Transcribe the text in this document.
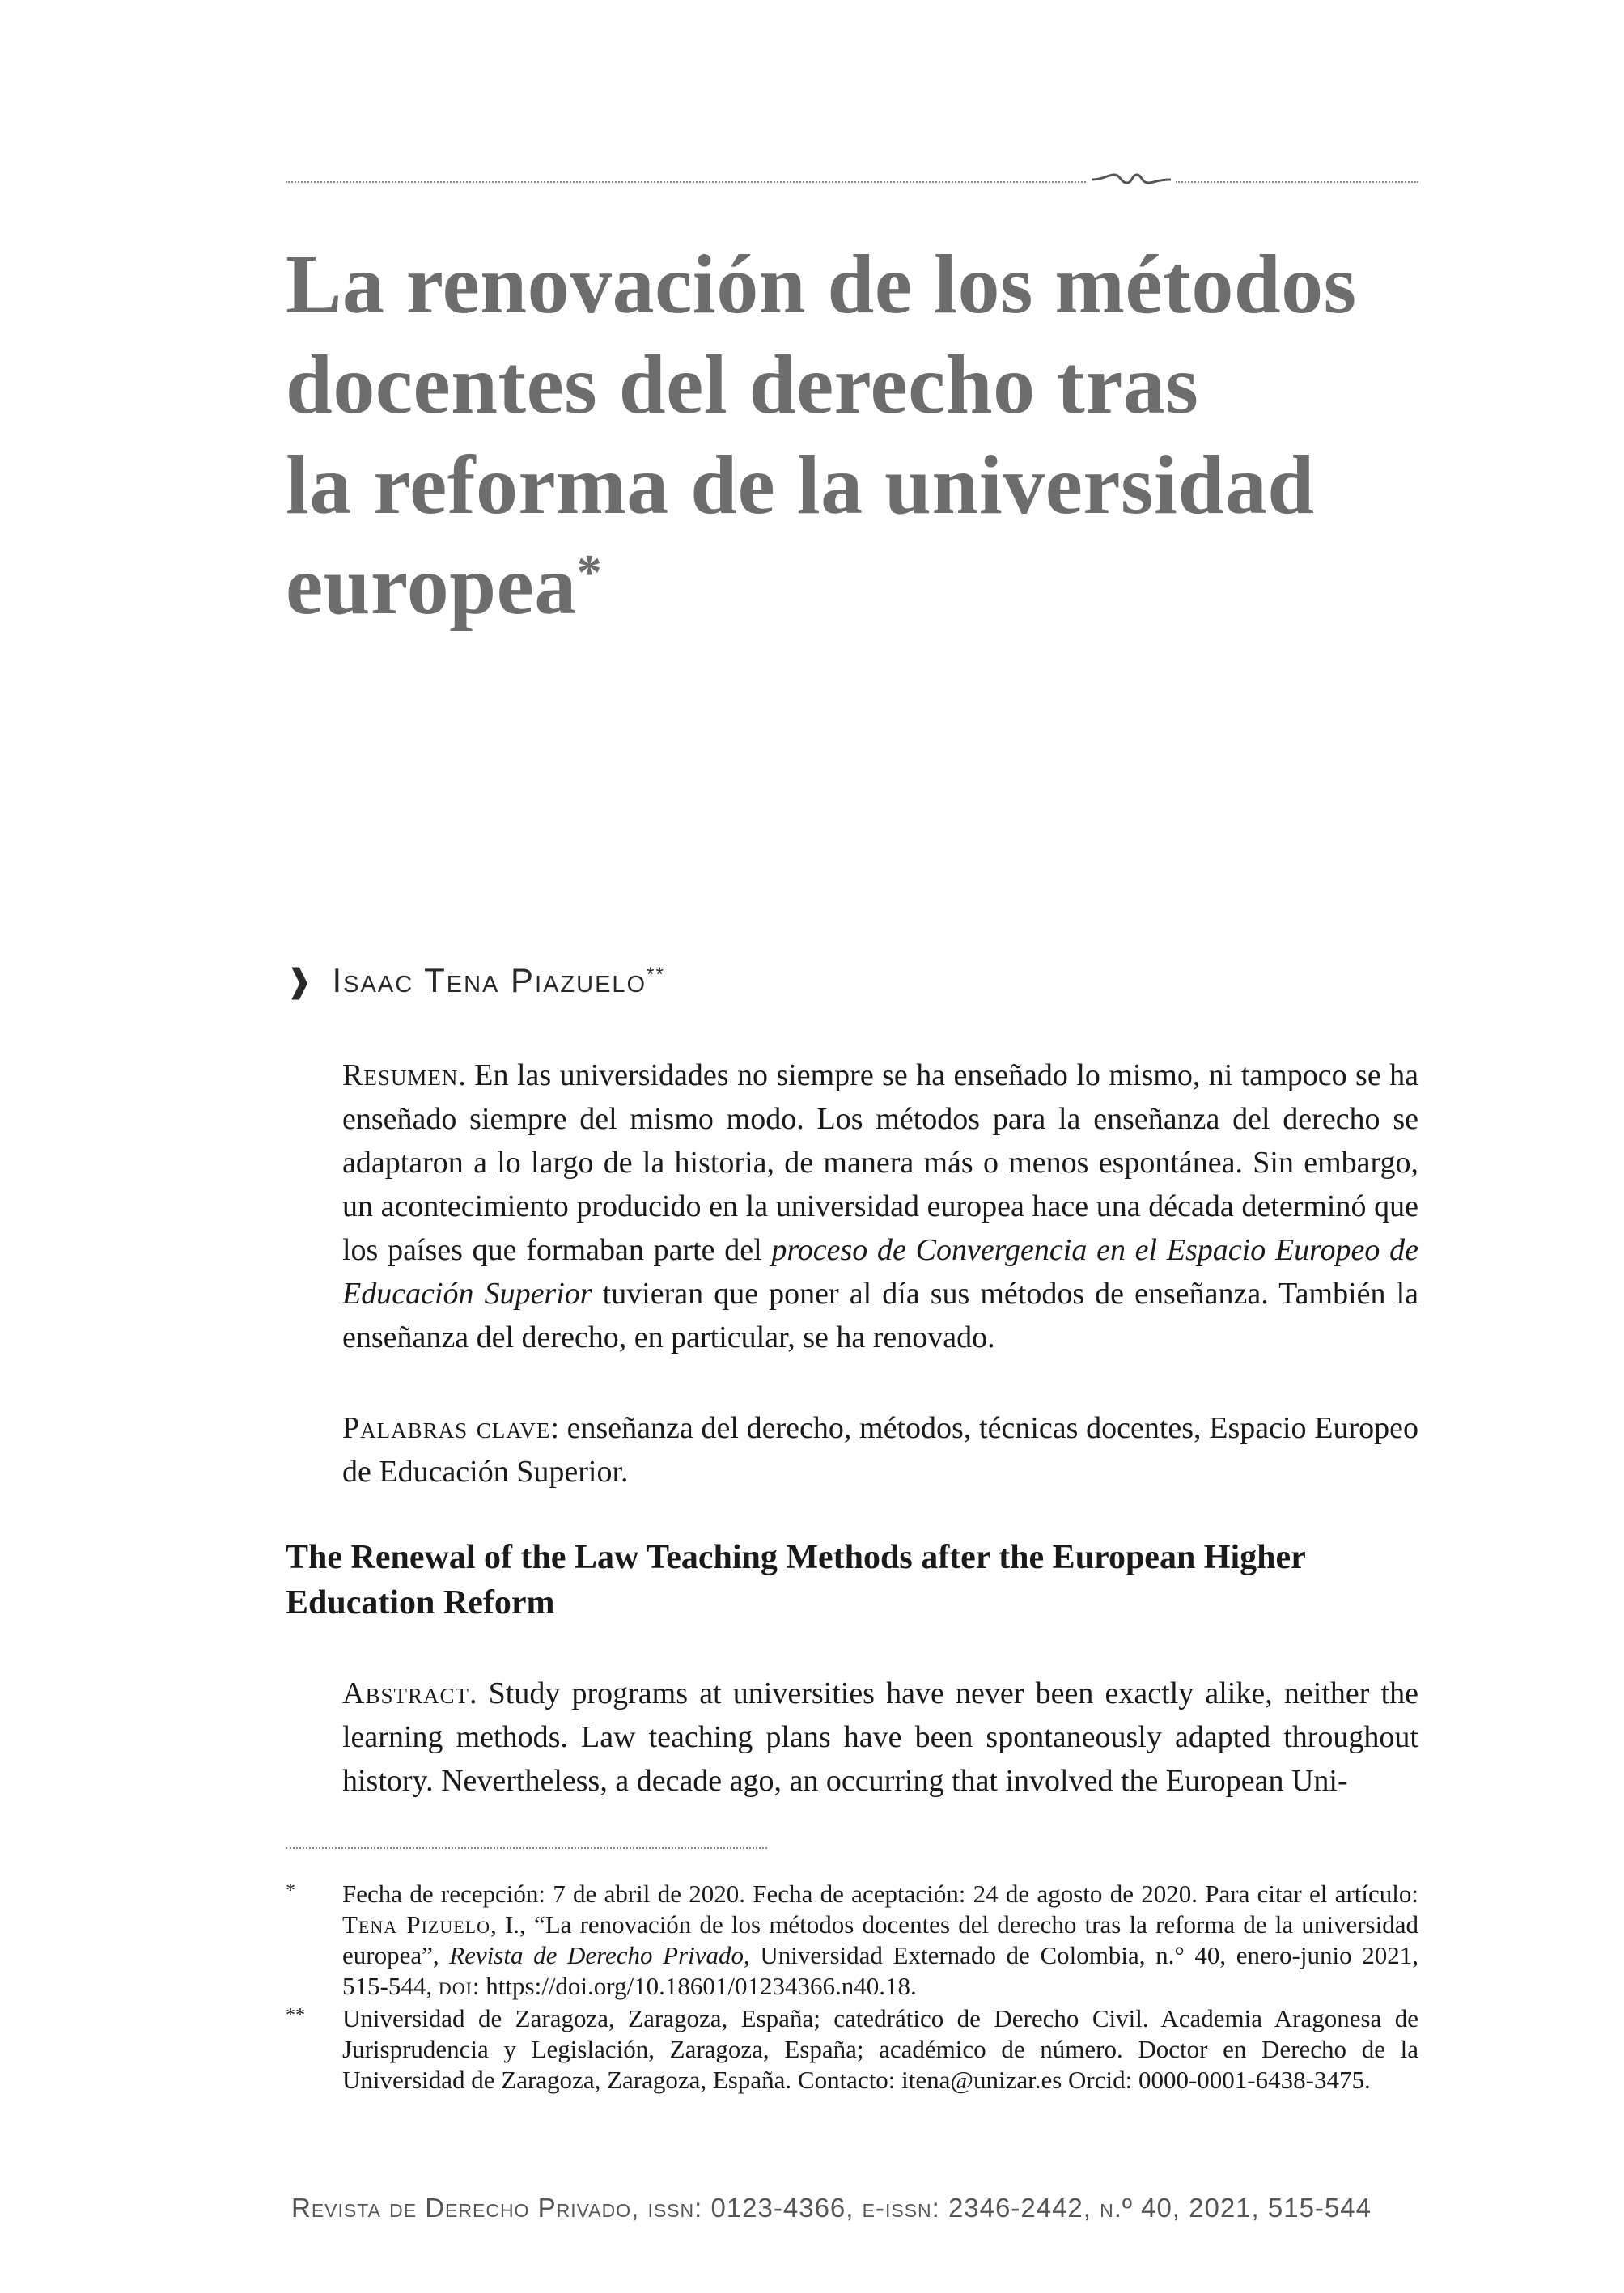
La renovación de los métodos
docentes del derecho tras
la reforma de la universidad
europea*
❱ Isaac Tena Piazuelo**

Resumen. En las universidades no siempre se ha enseñado lo mismo, ni tampoco se ha enseñado siempre del mismo modo. Los métodos para la enseñanza del derecho se adaptaron a lo largo de la historia, de manera más o menos espontánea. Sin embargo, un acontecimiento producido en la universidad europea hace una década determinó que los países que formaban parte del proceso de Convergencia en el Espacio Europeo de Educación Superior tuvieran que poner al día sus métodos de enseñanza. También la enseñanza del derecho, en particular, se ha renovado.

Palabras clave: enseñanza del derecho, métodos, técnicas docentes, Espacio Europeo de Educación Superior.

The Renewal of the Law Teaching Methods after the European Higher Education Reform

Abstract. Study programs at universities have never been exactly alike, neither the learning methods. Law teaching plans have been spontaneously adapted throughout history. Nevertheless, a decade ago, an occurring that involved the European Uni-

* Fecha de recepción: 7 de abril de 2020. Fecha de aceptación: 24 de agosto de 2020. Para citar el artículo: Tena Pizuelo, I., “La renovación de los métodos docentes del derecho tras la reforma de la universidad europea”, Revista de Derecho Privado, Universidad Externado de Colombia, n.° 40, enero-junio 2021, 515-544, doi: https://doi.org/10.18601/01234366.n40.18.
** Universidad de Zaragoza, Zaragoza, España; catedrático de Derecho Civil. Academia Aragonesa de Jurisprudencia y Legislación, Zaragoza, España; académico de número. Doctor en Derecho de la Universidad de Zaragoza, Zaragoza, España. Contacto: itena@unizar.es Orcid: 0000-0001-6438-3475.
Revista de Derecho Privado, issn: 0123-4366, e-issn: 2346-2442, n.º 40, 2021, 515-544
